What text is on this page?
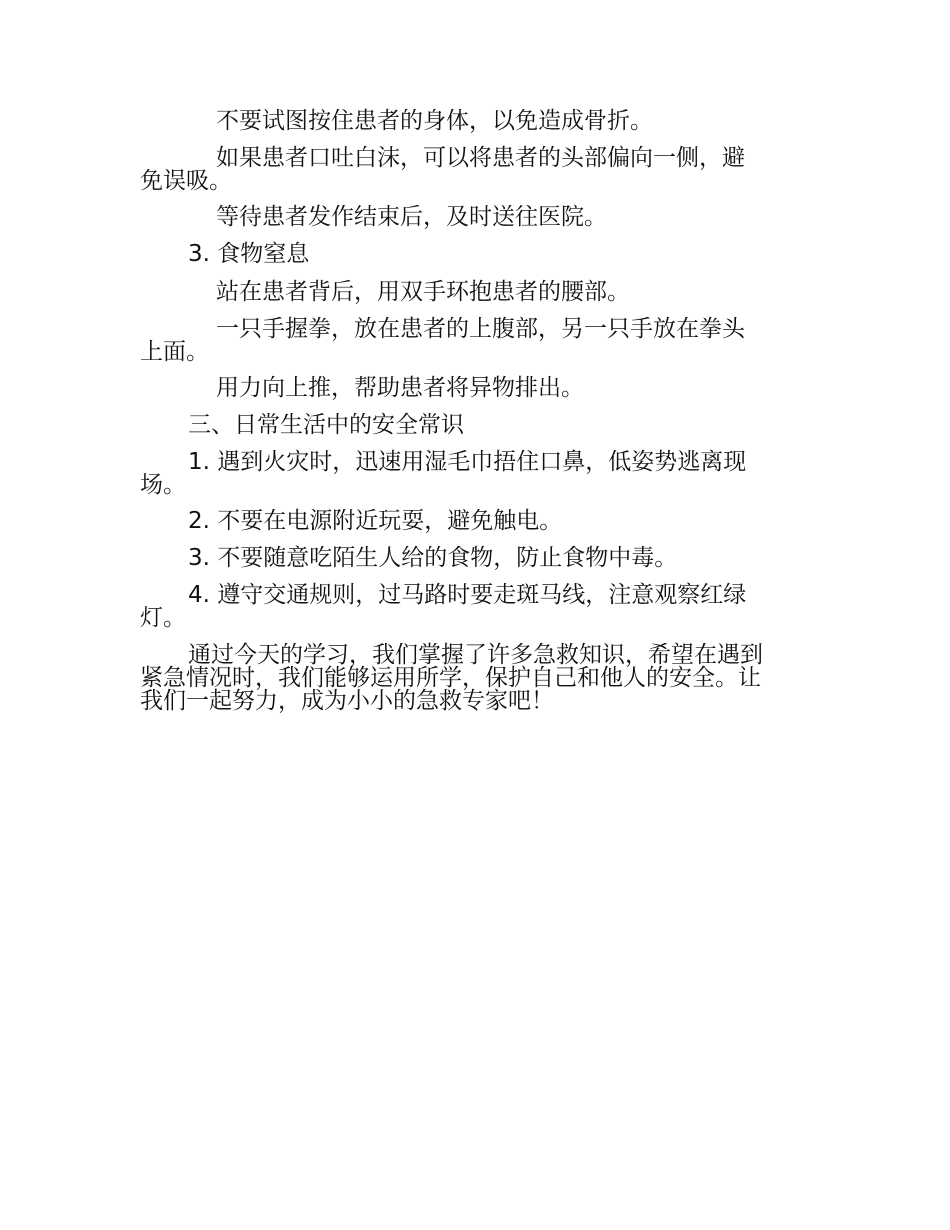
不要试图按住患者的身体，以免造成骨折。
如果患者口吐白沫，可以将患者的头部偏向一侧，避
免误吸。
等待患者发作结束后，及时送往医院。
3. 食物窒息
站在患者背后，用双手环抱患者的腰部。
一只手握拳，放在患者的上腹部，另一只手放在拳头
上面。
用力向上推，帮助患者将异物排出。
三、日常生活中的安全常识
1. 遇到火灾时，迅速用湿毛巾捂住口鼻，低姿势逃离现
场。
2. 不要在电源附近玩耍，避免触电。
3. 不要随意吃陌生人给的食物，防止食物中毒。
4. 遵守交通规则，过马路时要走斑马线，注意观察红绿
灯。
通过今天的学习，我们掌握了许多急救知识，希望在遇到
紧急情况时，我们能够运用所学，保护自己和他人的安全。让
我们一起努力，成为小小的急救专家吧！
